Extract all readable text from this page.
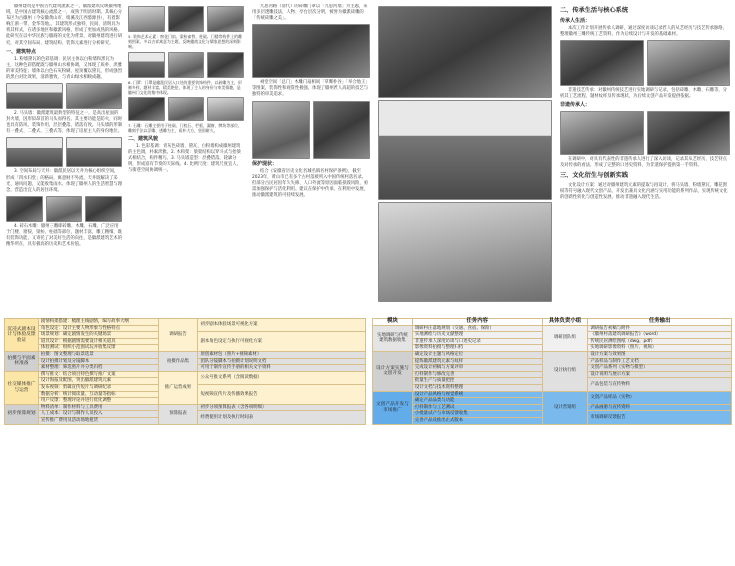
徽州建筑是中国古代建筑流派之一，徽派建筑反映徽州地域，是中国古建筑核心流派之一，成熟于明清时期。其核心分布区为古徽州（今安徽黄山市、绩溪及江西婺源县），有着影响江浙一带、金华等地。，其建筑形式独特，民间、清明具为将其样式，在诸多地区和徽派风格，形成了更加成熟的风格。此研究在以中华民族与徽商的文化为背景，对徽州建筑进行研究，对其空间布局、建筑结构、装饰元素进行分析研究。

一、建筑特点

1. 粉墙黛瓦的色彩基调：民居主体以白粉墙和黑瓦为主，这种色彩搭配既与徽州山水相协调，又体现了质朴、淡雅的审美特征；墙体以白色石灰粉刷，屋顶覆以黛瓦，形成强烈的黑白对比效果，清新雅致，与青山绿水相映成趣。

2. 马头墙：徽派建筑最典型的特征之一，是高出屋面的封火墙，因形似昂首的马头而得名。其主要功能是防火，同时也具有防风、装饰作用，层层叠落，错落有致。马头墙的形制有一叠式、二叠式、三叠式等，体现了房屋主人的身份地位。

3. 空间布局与天井：徽派民居以天井为核心组织空间，形成「四水归堂」的格局，寓意财不外流。天井既解决了采光、通风问题，又能收集雨水，体现了徽州人的生活智慧与理念，营造出宜人的居住环境。

4. 砖石木雕：徽州三雕即砖雕、木雕、石雕，广泛应用于门楼、窗棂、梁枋、柱础等部位，题材丰富，雕工精细，既有装饰功能，又寄托了对美好生活的向往，是徽派建筑艺术的精华所在，具有极高的历史和艺术价值。

5. 装饰艺术元素：窗花门扇、梁枋雀替、柱础、门楼等构件上的雕刻图案，多以吉祥寓意为主题，反映徽商文化与儒家思想的深刻影响。

6. 门罩：门罩是徽派民居入口处的重要装饰构件，以砖雕为主，形制多样，题材丰富，精美绝伦，体现了主人的身份与审美情趣，是徽州门文化的集中体现。

7. 石雕：石雕主要用于柱础、门枕石、栏板、漏窗、牌坊等部位，雕刻手法以浮雕、透雕为主，质朴大方，坚固耐久。

二、建筑风貌

1. 色彩基调：青灰色砖墙、黛瓦、白粉墙构成徽州建筑的主色调，朴素淡雅。2. 木构架：梁架结构以穿斗式与抬梁式相结合，构件精巧。3. 马头墙造型：层叠错落，轮廓分明，形成富有节奏的天际线。4. 比例尺度：建筑尺度宜人，与街巷空间协调统一。

九思河路（清代）的砖雕门罩以「九思河墙」为主题，采用多层透雕技法，人物、亭台层次分明，被誉为徽派砖雕的「传统砖雕之美」。

祠堂空间「总门」木雕门扇相间「草鹰朴谷」「举合地王」等图案，装饰性和观赏性极强，体现了徽州匠人高超的技艺与独特的审美追求。

保护现状：

结合《安徽省历史文化名城名镇名村保护条例》，截至2023年，黄山市已有多个古村落被列入中国传统村落名录。但部分古民居因年久失修、人口外流等原因面临损毁风险，亟需加强保护与活化利用。建议在保护中传承、在利用中发展，推动徽派建筑的可持续发展。

二、传承生活与核心系统
传承人生活：

本次工作计划开展传承人调研，通过深度访谈记录匠人的从艺经历与技艺传承脉络，整理徽州三雕传统工艺资料，作为后续设计与开发的基础素材。

非遗技艺传承：对徽州传统技艺进行实地调研与记录，包括砖雕、木雕、石雕等，分析其工艺流程、题材纹样及传承现状，为后续文创产品开发提供依据。

非遗传承人：

在调研中，对具有代表性的非遗传承人进行了深入访谈，记录其从艺经历、技艺特点及对传承的看法，形成了完整的口述史资料，为非遗保护提供第一手资料。

三、文化衍生与创新实践

文化设计方案：通过对徽州建筑元素的提取与再设计，将马头墙、粉墙黛瓦、雕花窗棂等符号融入现代文创产品，开发出兼具文化内涵与实用功能的系列作品，实现传统文化的创新性转化与创造性发展，推动非遗融入现代生活。

沉浸式剧本设计与体验反馈验证	剧情构架搭建：梳理主线剧情，编写故事大纲	调研报告	初步剧本体验场景可视化方案
	角色设定：设计主要人物形象与性格特点		
	场景规划：确定剧情发生的关键场景		剧本角色设定与执行可视化方案
	道具设计：根据剧情需要设计相关道具		
	体验测试：组织小范围试玩并收集反馈		
拍摄与平面素材准备	拍摄：图文整理与取景选景	拍摄作品集	原创素材包（照片+视频素材）
	设计拍摄计划及分镜脚本		团队分镜脚本与拍摄计划说明文档
	素材整理：筛选照片并分类归档		可用于制作宣传手册的相关文字资料
社交媒体推广与运营	撰写推文：结合项目特色撰写推广文案	推广运营成果	公众号推文系列（含阅读数据）
	设计海报及配图，突出徽派建筑元素		
	发布视频：剪辑宣传短片与调研纪录		短视频宣传片及传播效果报告
	数据分析：统计阅读量、互动量等指标		
	用户反馈：整理评论并进行优化调整		
初步预算规划	物料清单：制作材料与工具费用	预算报表	初步分项预算报表（含各项明细）
	人工成本：设计与制作人员投入		经费使用计划及执行时间表
	宣传推广费用及活动场地租赁		
模块	任务内容	具体负责小组	任务输出
实地调研与传统建筑数据收集	调研村庄落地规划（交通、食宿、保险）	调研团队组	调研报告初稿与附件
	实地测绘与历史文献整理		《徽州村落建筑调研报告》（word）
	非遗传承人深度访谈与口述史记录		传统民居测绘图纸（dwg、pdf）
	影像资料拍摄与整理归档		实地调研影像资料（照片、视频）
设计方案实施与文创开发	确定设计主题与风格定位	设计执行组	设计方案与效果图
	提炼徽派建筑元素与纹样		产品样品与制作工艺文档
	完成设计初稿与方案评审		文创产品系列（实物与模型）
	打样制作与修改完善		设计说明与展示方案
	批量生产与质量把控		产品包装与宣传物料
	设计文档与技术资料整理		
文创产品开发与市场推广	设计产品风格与视觉系统	设计营销组	文创产品样品（实物）
	确定产品品类与功能		
	打样制作与工艺测试		产品画册与宣传资料
	小批量试产与市场反馈收集		市场调研反馈报告
	完善产品及推出正式版本		
